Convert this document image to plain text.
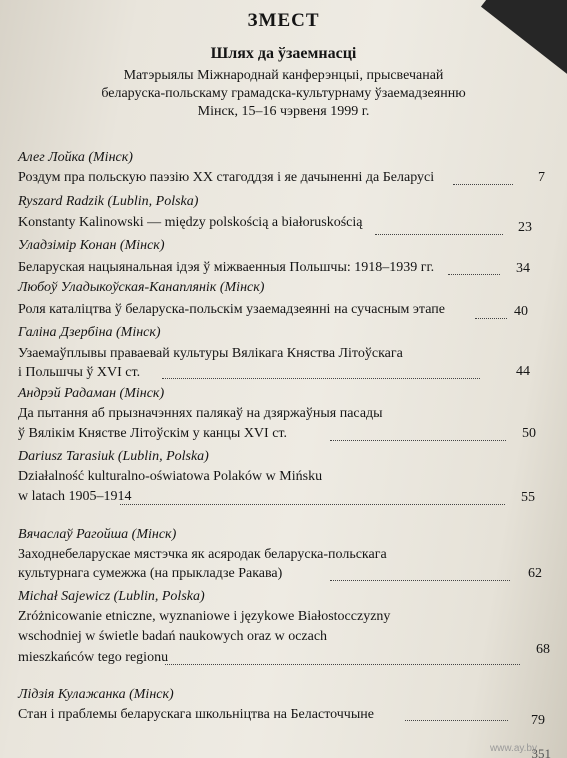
ЗМЕСТ
Шлях да ўзаемнасці
Матэрыялы Міжнароднай канферэнцыі, прысвечанай
беларуска-польскаму грамадска-культурнаму ўзаемадзеянню
Мінск, 15–16 чэрвеня 1999 г.
Алег Лойка (Мінск)
Роздум пра польскую паэзію XX стагоддзя і яе дачыненні да Беларусі	7
Ryszard Radzik (Lublin, Polska)
Konstanty Kalinowski — między polskością a białoruskością	23
Уладзімір Конан (Мінск)
Беларуская нацыянальная ідэя ў міжваенныя Польшчы: 1918–1939 гг.	34
Любоў Уладыкоўская-Канаплянік (Мінск)
Роля каталіцтва ў беларуска-польскім узаемадзеянні на сучасным этапе	40
Галіна Дзербіна (Мінск)
Узаемаўплывы праваевай культуры Вялікага Княства Літоўскага
і Польшчы ў XVI ст.	44
Андрэй Радаман (Мінск)
Да пытання аб прызначэннях палякаў на дзяржаўныя пасады
ў Вялікім Княстве Літоўскім у канцы XVI ст.	50
Dariusz Tarasiuk (Lublin, Polska)
Działalność kulturalno-oświatowa Polaków w Mińsku
w latach 1905–1914	55
Вячаслаў Рагойша (Мінск)
Заходнебеларускае мястэчка як асяродак беларуска-польскага
культурнага сумежжа (на прыкладзе Ракава)	62
Michał Sajewicz (Lublin, Polska)
Zróżnicowanie etniczne, wyznaniowe i językowe Białostocczyzny
wschodniej w świetle badań naukowych oraz w oczach
mieszkańców tego regionu
68
Лідзія Кулажанка (Мінск)
Стан і праблемы беларускага школьніцтва на Беласточчыне	79
www.ay.by
351
